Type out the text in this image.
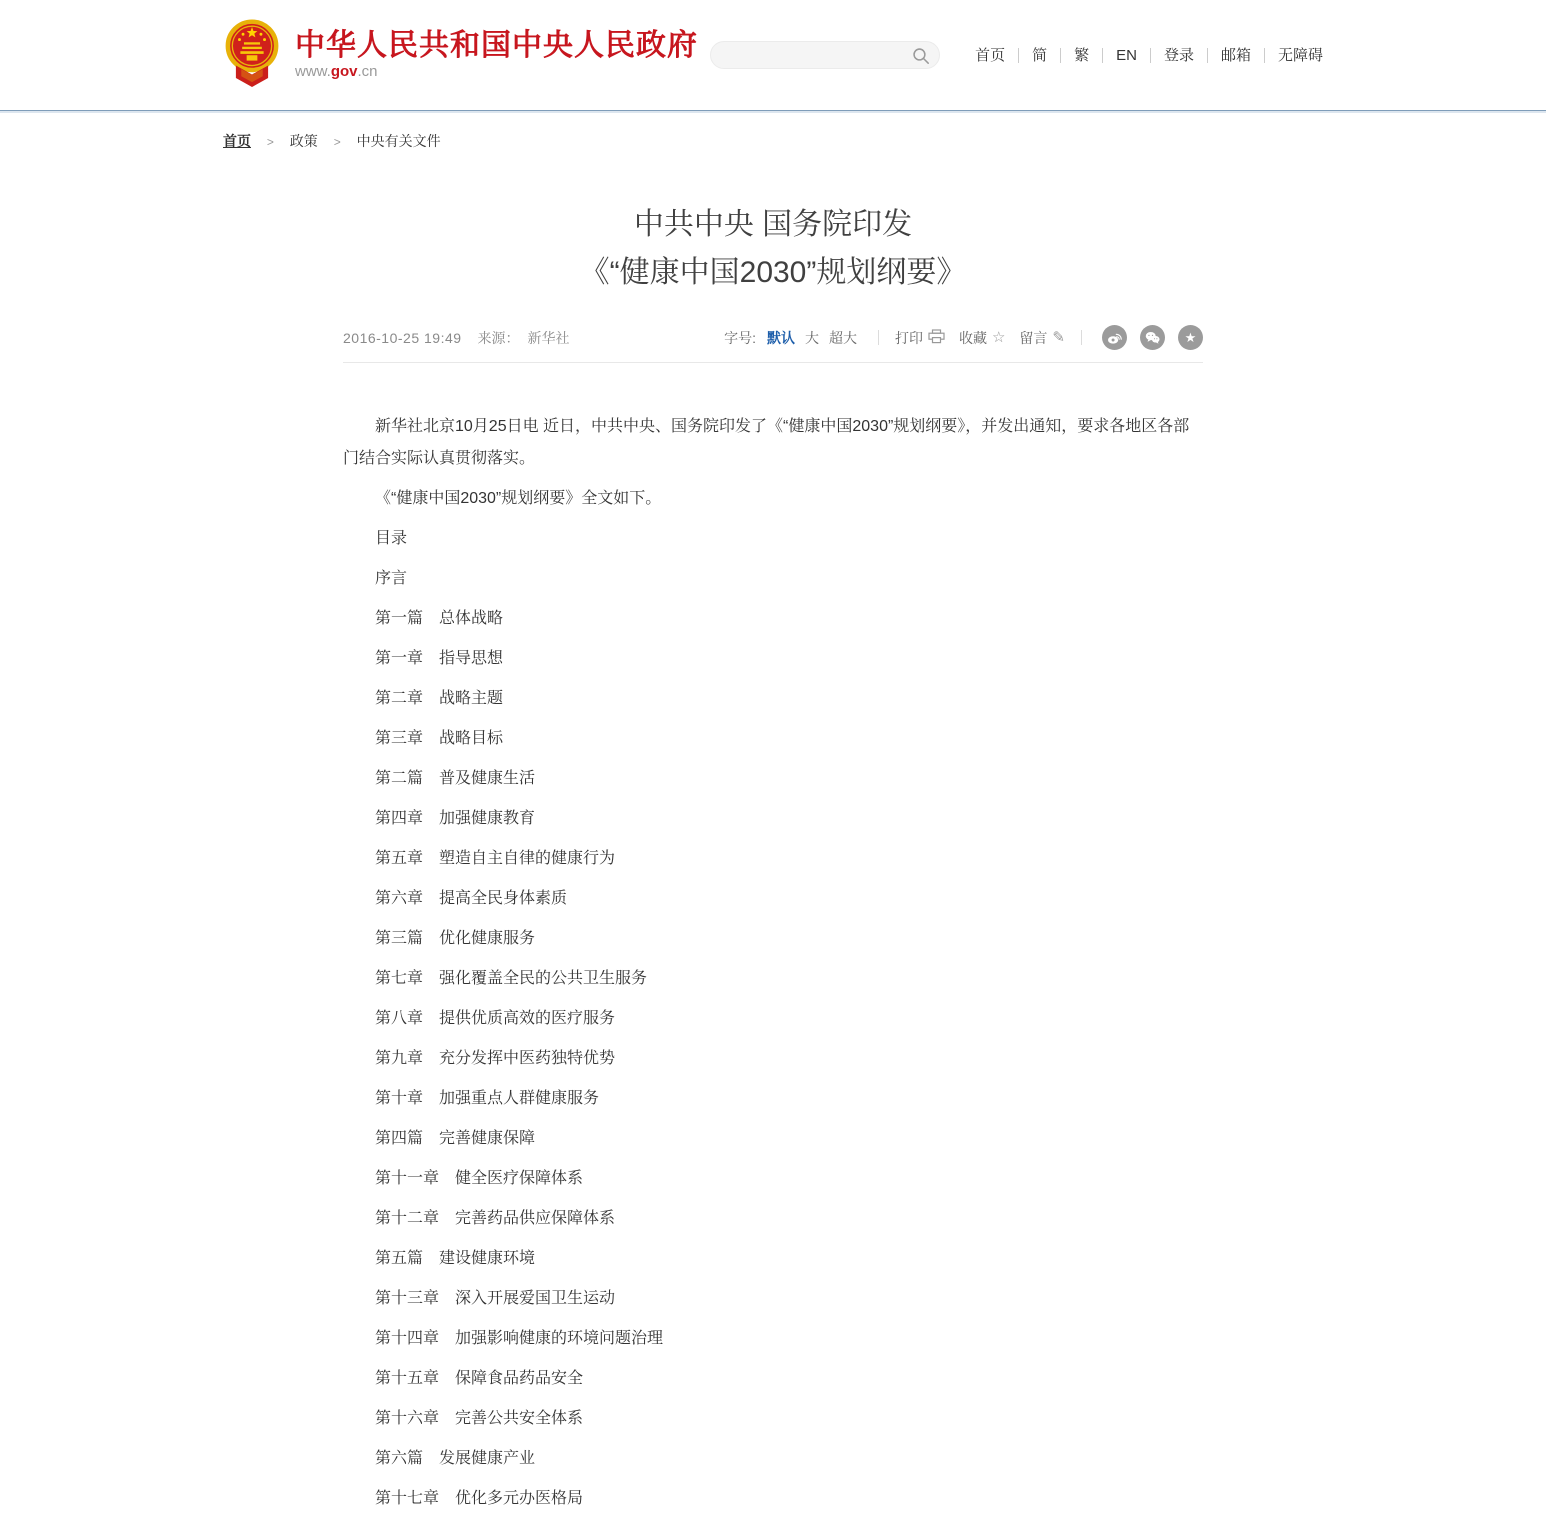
中华人民共和国中央人民政府
www.gov.cn
首页	简	繁	EN	登录	邮箱	无障碍
首页 > 政策 > 中央有关文件
中共中央 国务院印发
《“健康中国2030”规划纲要》
2016-10-25 19:49 来源： 新华社	字号: 默认 大 超大	打印	收藏 ☆ 留言 ✎	★

新华社北京10月25日电 近日，中共中央、国务院印发了《“健康中国2030”规划纲要》，并发出通知，要求各地区各部门结合实际认真贯彻落实。

《“健康中国2030”规划纲要》全文如下。

目录

序言

第一篇　总体战略

第一章　指导思想

第二章　战略主题

第三章　战略目标

第二篇　普及健康生活

第四章　加强健康教育

第五章　塑造自主自律的健康行为

第六章　提高全民身体素质

第三篇　优化健康服务

第七章　强化覆盖全民的公共卫生服务

第八章　提供优质高效的医疗服务

第九章　充分发挥中医药独特优势

第十章　加强重点人群健康服务

第四篇　完善健康保障

第十一章　健全医疗保障体系

第十二章　完善药品供应保障体系

第五篇　建设健康环境

第十三章　深入开展爱国卫生运动

第十四章　加强影响健康的环境问题治理

第十五章　保障食品药品安全

第十六章　完善公共安全体系

第六篇　发展健康产业

第十七章　优化多元办医格局
